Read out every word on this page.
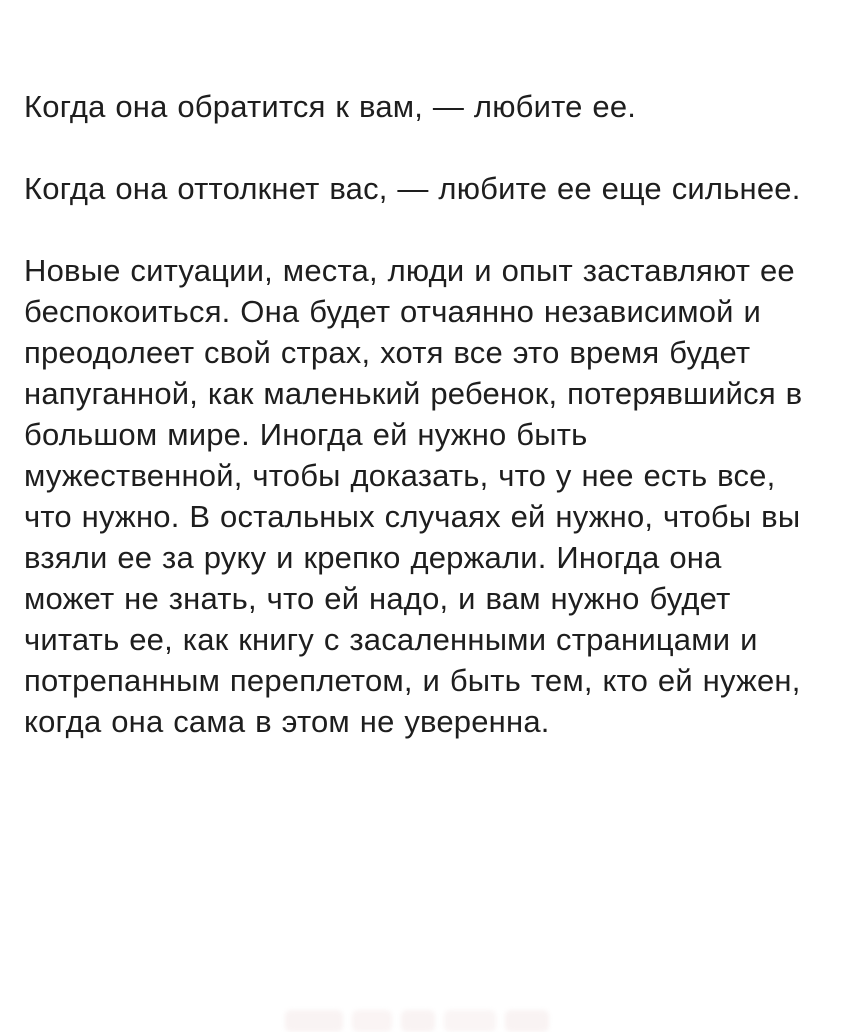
Когда она обратится к вам, — любите ее.

Когда она оттолкнет вас, — любите ее еще сильнее.

Новые ситуации, места, люди и опыт заставляют ее беспокоиться. Она будет отчаянно независимой и преодолеет свой страх, хотя все это время будет напуганной, как маленький ребенок, потерявшийся в большом мире. Иногда ей нужно быть мужественной, чтобы доказать, что у нее есть все, что нужно. В остальных случаях ей нужно, чтобы вы взяли ее за руку и крепко держали. Иногда она может не знать, что ей надо, и вам нужно будет читать ее, как книгу с засаленными страницами и потрепанным переплетом, и быть тем, кто ей нужен, когда она сама в этом не уверенна.
